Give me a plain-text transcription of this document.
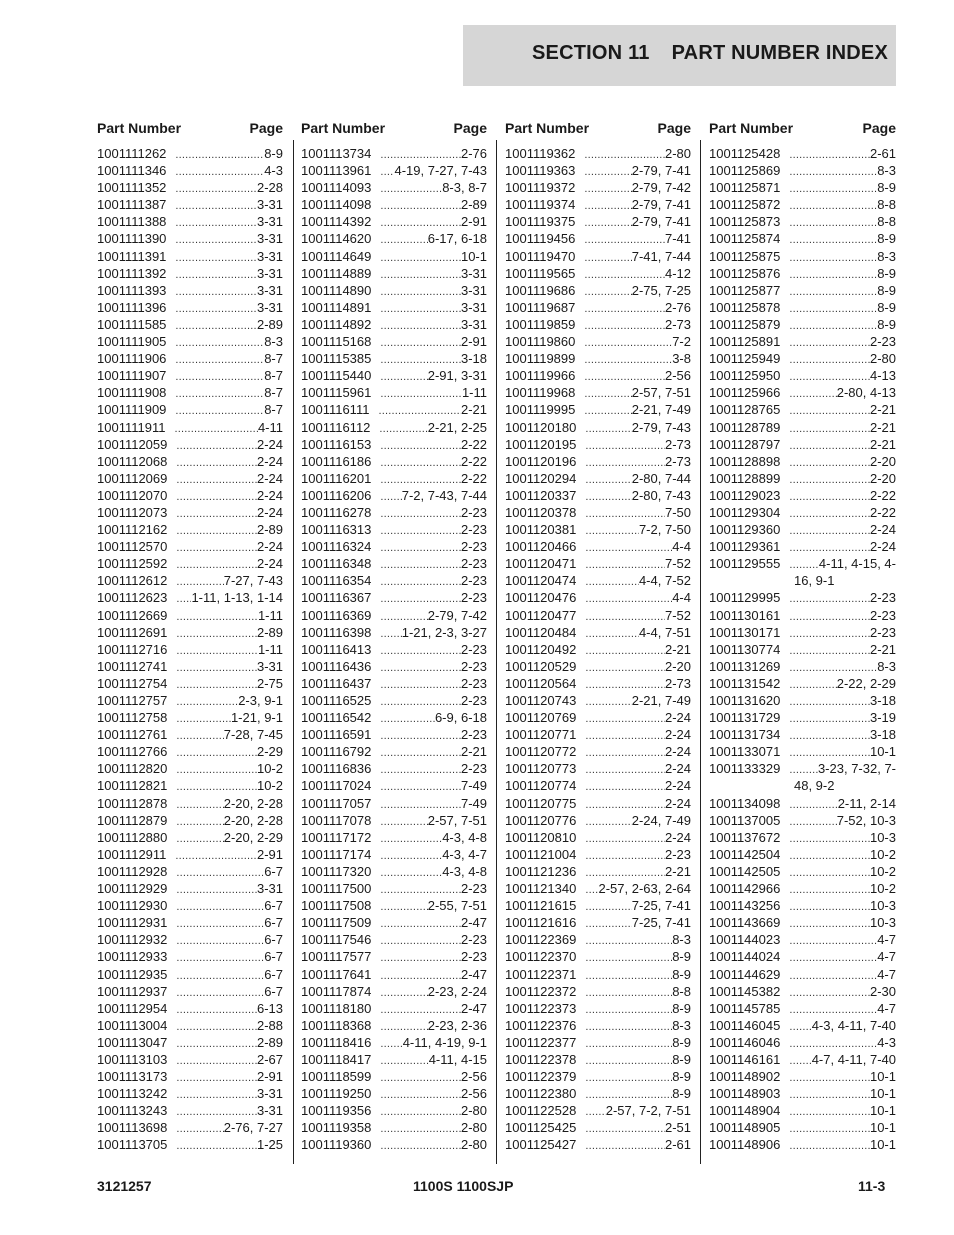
SECTION 11 PART NUMBER INDEX
Part Number	Page
1001111262 .....	8-9
1001111346 .....	4-3
1001111352 .....	2-28
1001111387 .....	3-31
1001111388 .....	3-31
1001111390 .....	3-31
1001111391 .....	3-31
1001111392 .....	3-31
1001111393 .....	3-31
1001111396 .....	3-31
1001111585 .....	2-89
1001111905 .....	8-3
1001111906 .....	8-7
1001111907 .....	8-7
1001111908 .....	8-7
1001111909 .....	8-7
1001111911 .....	4-11
1001112059 .....	2-24
1001112068 .....	2-24
1001112069 .....	2-24
1001112070 .....	2-24
1001112073 .....	2-24
1001112162 .....	2-89
1001112570 .....	2-24
1001112592 .....	2-24
1001112612 .....	7-27, 7-43
1001112623 ..... 1-11, 1-13, 1-14
1001112669 .....	1-11
1001112691 .....	2-89
1001112716 .....	1-11
1001112741 .....	3-31
1001112754 .....	2-75
1001112757 .....	2-3, 9-1
1001112758 .....	1-21, 9-1
1001112761 .....	7-28, 7-45
1001112766 .....	2-29
1001112820 .....	10-2
1001112821 .....	10-2
1001112878 .....	2-20, 2-28
1001112879 .....	2-20, 2-28
1001112880 .....	2-20, 2-29
1001112911 .....	2-91
1001112928 .....	6-7
1001112929 .....	3-31
1001112930 .....	6-7
1001112931 .....	6-7
1001112932 .....	6-7
1001112933 .....	6-7
1001112935 .....	6-7
1001112937 .....	6-7
1001112954 .....	6-13
1001113004 .....	2-88
1001113047 .....	2-89
1001113103 .....	2-67
1001113173 .....	2-91
1001113242 .....	3-31
1001113243 .....	3-31
1001113698 .....	2-76, 7-27
1001113705 .....	1-25
Part Number	Page
1001113734 .....	2-76
1001113961 ..... 4-19, 7-27, 7-43
1001114093 .....	8-3, 8-7
1001114098 .....	2-89
1001114392 .....	2-91
1001114620 .....	6-17, 6-18
1001114649 .....	10-1
1001114889 .....	3-31
1001114890 .....	3-31
1001114891 .....	3-31
1001114892 .....	3-31
1001115168 .....	2-91
1001115385 .....	3-18
1001115440 .....	2-91, 3-31
1001115961 .....	1-11
1001116111 .....	2-21
1001116112 .....	2-21, 2-25
1001116153 .....	2-22
1001116186 .....	2-22
1001116201 .....	2-22
1001116206 ..... 7-2, 7-43, 7-44
1001116278 .....	2-23
1001116313 .....	2-23
1001116324 .....	2-23
1001116348 .....	2-23
1001116354 .....	2-23
1001116367 .....	2-23
1001116369 .....	2-79, 7-42
1001116398 ..... 1-21, 2-3, 3-27
1001116413 .....	2-23
1001116436 .....	2-23
1001116437 .....	2-23
1001116525 .....	2-23
1001116542 .....	6-9, 6-18
1001116591 .....	2-23
1001116792 .....	2-21
1001116836 .....	2-23
1001117024 .....	7-49
1001117057 .....	7-49
1001117078 .....	2-57, 7-51
1001117172 .....	4-3, 4-8
1001117174 .....	4-3, 4-7
1001117320 .....	4-3, 4-8
1001117500 .....	2-23
1001117508 .....	2-55, 7-51
1001117509 .....	2-47
1001117546 .....	2-23
1001117577 .....	2-23
1001117641 .....	2-47
1001117874 .....	2-23, 2-24
1001118180 .....	2-47
1001118368 .....	2-23, 2-36
1001118416 ..... 4-11, 4-19, 9-1
1001118417 .....	4-11, 4-15
1001118599 .....	2-56
1001119250 .....	2-56
1001119356 .....	2-80
1001119358 .....	2-80
1001119360 .....	2-80
Part Number	Page
1001119362 .....	2-80
1001119363 .....	2-79, 7-41
1001119372 .....	2-79, 7-42
1001119374 .....	2-79, 7-41
1001119375 .....	2-79, 7-41
1001119456 .....	7-41
1001119470 .....	7-41, 7-44
1001119565 .....	4-12
1001119686 .....	2-75, 7-25
1001119687 .....	2-76
1001119859 .....	2-73
1001119860 .....	7-2
1001119899 .....	3-8
1001119966 .....	2-56
1001119968 .....	2-57, 7-51
1001119995 .....	2-21, 7-49
1001120180 .....	2-79, 7-43
1001120195 .....	2-73
1001120196 .....	2-73
1001120294 .....	2-80, 7-44
1001120337 .....	2-80, 7-43
1001120378 .....	7-50
1001120381 .....	7-2, 7-50
1001120466 .....	4-4
1001120471 .....	7-52
1001120474 .....	4-4, 7-52
1001120476 .....	4-4
1001120477 .....	7-52
1001120484 .....	4-4, 7-51
1001120492 .....	2-21
1001120529 .....	2-20
1001120564 .....	2-73
1001120743 .....	2-21, 7-49
1001120769 .....	2-24
1001120771 .....	2-24
1001120772 .....	2-24
1001120773 .....	2-24
1001120774 .....	2-24
1001120775 .....	2-24
1001120776 .....	2-24, 7-49
1001120810 .....	2-24
1001121004 .....	2-23
1001121236 .....	2-21
1001121340 ..... 2-57, 2-63, 2-64
1001121615 .....	7-25, 7-41
1001121616 .....	7-25, 7-41
1001122369 .....	8-3
1001122370 .....	8-9
1001122371 .....	8-9
1001122372 .....	8-8
1001122373 .....	8-9
1001122376 .....	8-3
1001122377 .....	8-9
1001122378 .....	8-9
1001122379 .....	8-9
1001122380 .....	8-9
1001122528 ..... 2-57, 7-2, 7-51
1001125425 .....	2-51
1001125427 .....	2-61
Part Number	Page
1001125428 .....	2-61
1001125869 .....	8-3
1001125871 .....	8-9
1001125872 .....	8-8
1001125873 .....	8-8
1001125874 .....	8-9
1001125875 .....	8-3
1001125876 .....	8-9
1001125877 .....	8-9
1001125878 .....	8-9
1001125879 .....	8-9
1001125891 .....	2-23
1001125949 .....	2-80
1001125950 .....	4-13
1001125966 .....	2-80, 4-13
1001128765 .....	2-21
1001128789 .....	2-21
1001128797 .....	2-21
1001128898 .....	2-20
1001128899 .....	2-20
1001129023 .....	2-22
1001129304 .....	2-22
1001129360 .....	2-24
1001129361 .....	2-24
1001129555 .....	4-11, 4-15, 4-
16, 9-1
1001129995 .....	2-23
1001130161 .....	2-23
1001130171 .....	2-23
1001130774 .....	2-21
1001131269 .....	8-3
1001131542 .....	2-22, 2-29
1001131620 .....	3-18
1001131729 .....	3-19
1001131734 .....	3-18
1001133071 .....	10-1
1001133329 .....	3-23, 7-32, 7-
48, 9-2
1001134098 .....	2-11, 2-14
1001137005 .....	7-52, 10-3
1001137672 .....	10-3
1001142504 .....	10-2
1001142505 .....	10-2
1001142966 .....	10-2
1001143256 .....	10-3
1001143669 .....	10-3
1001144023 .....	4-7
1001144024 .....	4-7
1001144629 .....	4-7
1001145382 .....	2-30
1001145785 .....	4-7
1001146045 ..... 4-3, 4-11, 7-40
1001146046 .....	4-3
1001146161 ..... 4-7, 4-11, 7-40
1001148902 .....	10-1
1001148903 .....	10-1
1001148904 .....	10-1
1001148905 .....	10-1
1001148906 .....	10-1
3121257	1100S 1100SJP	11-3
